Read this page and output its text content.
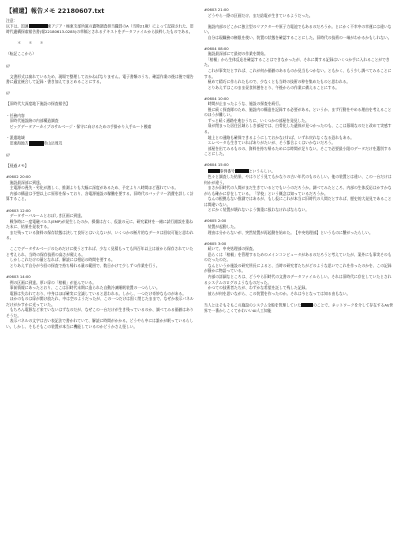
【補遺】報告メモ 22180607.txt

注意：

以下は、国連	東アジア・極東支部所属の遺物調査担当職員のA（当時21歳）によって記録された、旧時代遺構探索報告書(報22180613-0285)の草稿とされるテキストをデータファイルから抜粋したものである。

　　　＊　　＊　　＊

（転記ここから）

///

　文書形式は崩れているため、現場で整理しておかねばなりません。電子書類のうち、確認作業の後は後で報告書に適宜統合して記録・書き加えてまとめることにする。

///

【旧時代大深度地下施設の探査報告】

・任務内容

　旧時代施設跡の内部構造調査

　ビッグデータアーカイブのサルベージ・保守に向けるための手掛かり入手ルート模索

・派遣地域

　旧東海地方	市山岳周辺

///

【経過メモ】

#0602 20:00

　施設最深部に到達。

　主電源の喪失・劣化が激しく、推測よりも大幅に深度があるため、予定より八時間ほど遅れている。

　内部の構造は予想以上に原形を保っており、各電源施設の稼働を要する。旧時代のバッテリー消費を詳しく計算すること。

#0603 12:00

　データサーバルームとおぼしき区画に到達。

　戦争時に一度電磁パルス(EMP)が発生したのか、損傷は古く、仮説の元に、研究素材を一緒に試行錯誤を重ねた末に、結果を発表する。

　まだ残っている資料の保存状態は決して良好とはいえないが、いくつかの断片的なデータは回収可能と思われる。

　ここでデータサルベージのためだけに使うとすれば、少なく見積もっても四百年以上は前から保存されていたと考えられ、当時の保存技術の高さが窺える。

　しかしこれだけの量となれば、解読には相応の時間を要する。

　とりあえず自分が今回の探査で持ち帰れる量の範囲で、数日かけて少しずつ作業を行う。

#0603 14:00

　例の区画に到達。厚い扉の「棺桶」が並んでいる。

　事前情報にあったとおり、ここは旧時代末期に造られた自動冷凍睡眠装置の一つらしい。

　電源は失われており、中身はほぼ確実に全滅していると思われる。しかし、一つだけ奇妙なものがある。

　ほかのものは扉が開け放たれ、中は空のようだったが、この一つだけは固く閉じたままで、なぜか表示パネルだけがかすかに光っていた。

　もちろん電源など来ていないはずなのだが、なぜこの一台だけが生き残っているのか、調べてみる価値はありそうだ。

　表示パネルの文字は古い表記法で書かれていて、解読に時間がかかる。どうやら中には誰かが眠っているらしい。しかし、そもそもこの装置が本当に機能しているのかどうかさえ怪しい。

#0603 21:00

　どうやら一際の区画だけ、まだ給電が生きているようだった。

　施設内部のどこかに独立型のリアクターや原子力電池でもあるのだろうか。とにかく不幸中の幸運には違いない。

　自分は現職務の権限を使い、装置の状態を確認することにした。旧時代の技術の一端がわかるかもしれない。

#0604 08:00

　施設最深部にて最初の作業を開始。

　「棺桶」から生体反応を確認することはできなかったが、それに関する記録はいくつか手に入れることができた。

　これが事実だとすれば、これが何か価値のあるものか見当もつかない。ともかく、もう少し調べてみることにする。

　極めて精巧に作られたもので、少なくとも当時の技術の粋を集めたものと思われる。

　とりあえずはこのまま昼食休憩をとり、午後からの作業に備えることにする。

#0604 10:00

　時間が止まったような、施設の探査を続行。

　後に続く探査隊のため、施設内の構造を記録する必要がある。というか、まず行動をやめる理由を考えることのほうが難しい。

　ずっと続く通路を進むうちに、いくつかの部屋を発見した。

　扉が閉まった居住区域らしき部屋では、白骨化した遺体が見つかったのも、ここは墓場なのだと改めて実感する。

　地上との通路も確保できるようにしておかなければ、いずれ戻れなくなる恐れもある。

　エレベータも生きていればありがたいが、そう都合よくはいかないだろう。

　部屋を出てみるものの、資料を持ち帰るためには時間が足りない。そこで必要最小限のデータだけを選別することにした。

#0604 15:00

　事例番号	というらしい。

　色々と調査した結果、やはりどう見てもかなりの古い年代のものらしい。他の装置とは違い、この一台だけは何かが違う。

　まさか旧時代の人間がまだ生きているとでもいうのだろうか。調べてみたところ、内部の生体反応はかすかながらも確かに存在している。「学校」という概念は知っているだろうか。

　なんの根拠もない推測ではあるが、もし仮にこれが本当に旧時代の人間だとすれば、歴史的大発見であることは間違いない。

　とにかく装置が壊れないよう慎重に扱わなければならない。

#0605 2:00

　装置が起動した。

　理由は分からないが、突然装置が再起動を始めた。【中央処理部】というものに繋がったらしい。

#0605 3:00

　続いて、中央処理部の探査。

　恐らくは「棺桶」を管理するためのメインコンピュータがあるのだろうと考えていたが、案外にも事実そのものだったのだ。

　なんというか施設の研究所長によると、当時の研究者たちがどのような思いでこれを作ったのかを、この記録が静かに物語っている。

　内部の詳細なところは、どうやら旧時代の文書のデータファイルらしい。それは旧時代に存在していたとされるシステムのログのようなものだった。

　かつての技術者たちが、わずかな希望を託して残した記録。

　彼らが何を思いながら、この装置を作ったのか。それは今となっては知る由もない。

当人とはそもそもこの施設のシステム全般を管理していた	のことで、ネットワークを介して存在するAI/世界で一番かしこくてかわいいAI人工知能
